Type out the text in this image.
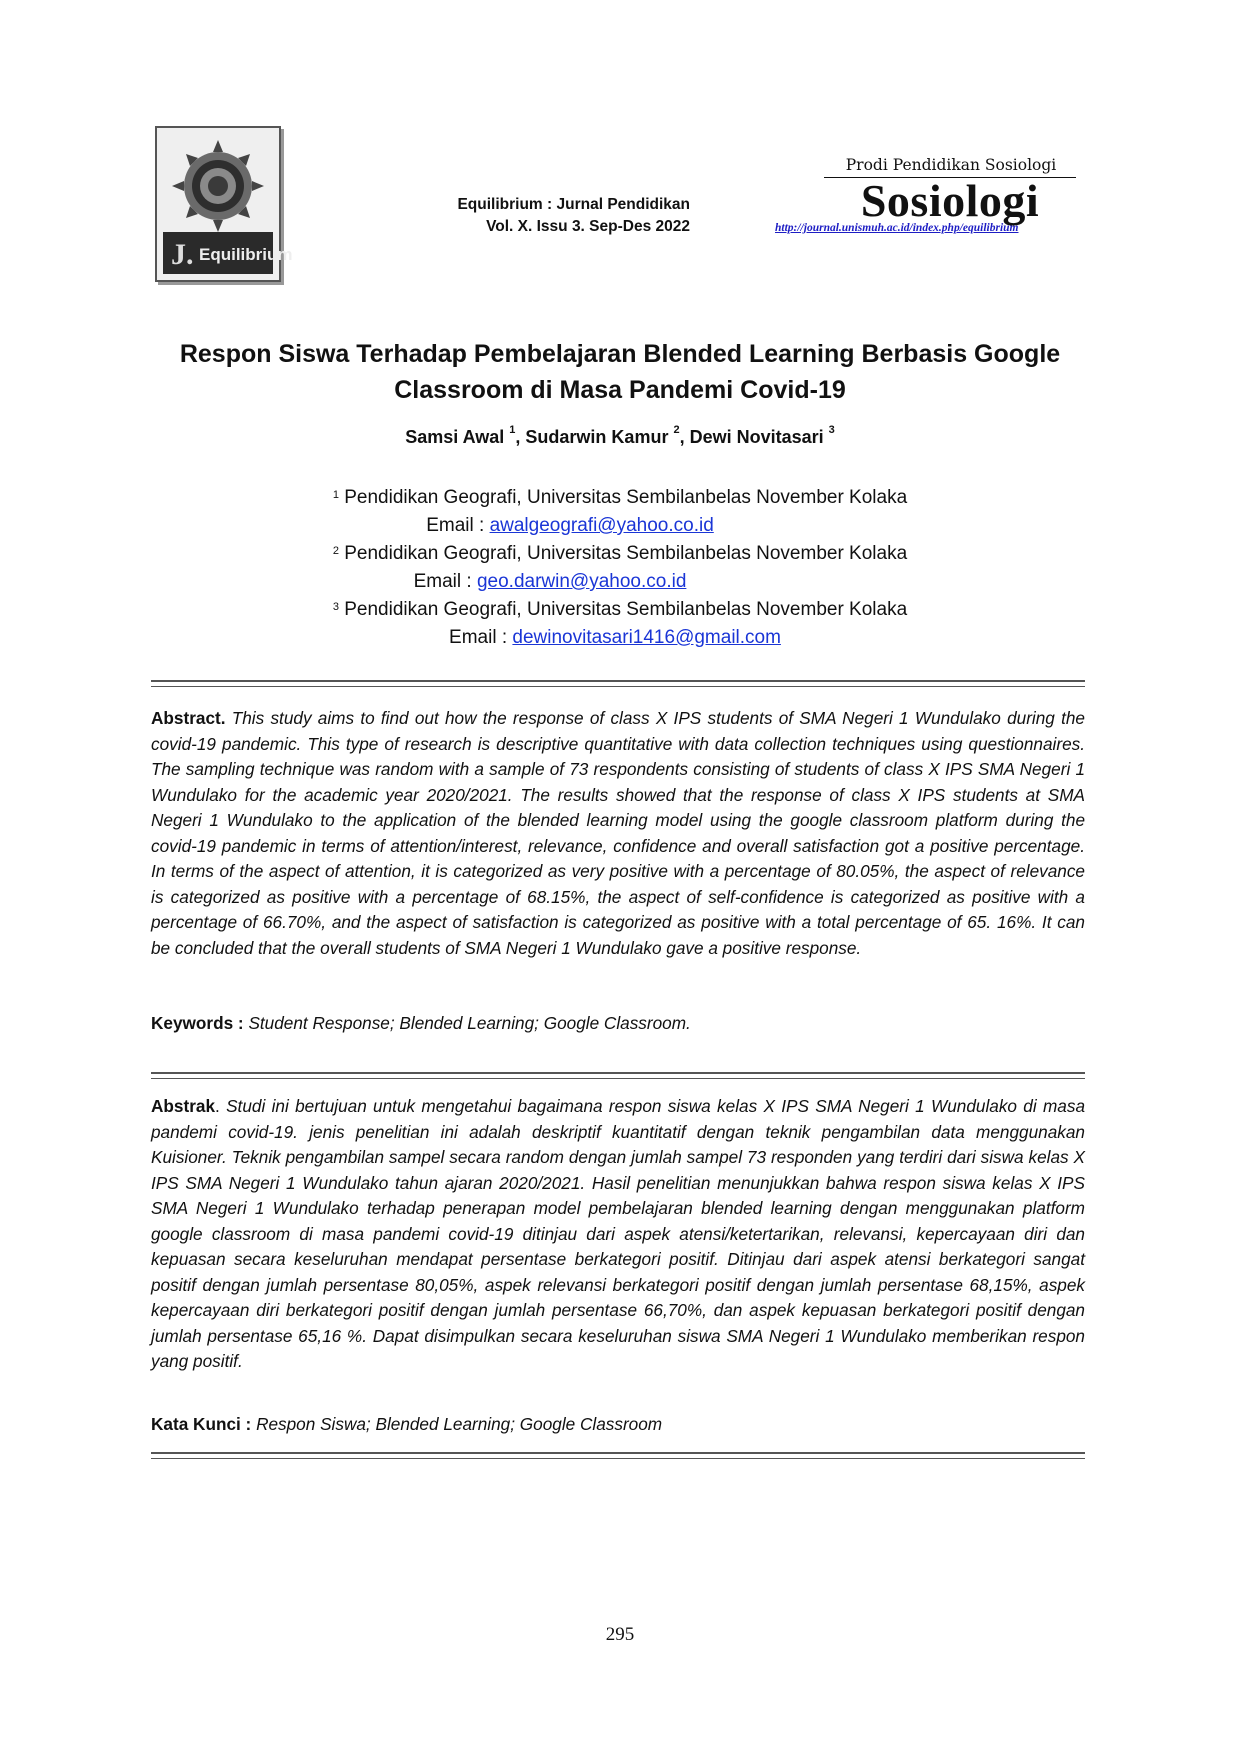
J. Equilibrium
Equilibrium : Jurnal Pendidikan
Vol. X. Issu 3. Sep-Des 2022
Prodi Pendidikan Sosiologi
Sosiologi
http://journal.unismuh.ac.id/index.php/equilibrium
Respon Siswa Terhadap Pembelajaran Blended Learning Berbasis Google
Classroom di Masa Pandemi Covid-19
Samsi Awal $^1$, Sudarwin Kamur $^2$, Dewi Novitasari $^3$

$^1$ Pendidikan Geografi, Universitas Sembilanbelas November Kolaka

Email : awalgeografi@yahoo.co.id

$^2$ Pendidikan Geografi, Universitas Sembilanbelas November Kolaka

Email : geo.darwin@yahoo.co.id

$^3$ Pendidikan Geografi, Universitas Sembilanbelas November Kolaka

Email : dewinovitasari1416@gmail.com

Abstract. This study aims to find out how the response of class X IPS students of SMA Negeri 1 Wundulako during the covid-19 pandemic. This type of research is descriptive quantitative with data collection techniques using questionnaires. The sampling technique was random with a sample of 73 respondents consisting of students of class X IPS SMA Negeri 1 Wundulako for the academic year 2020/2021. The results showed that the response of class X IPS students at SMA Negeri 1 Wundulako to the application of the blended learning model using the google classroom platform during the covid-19 pandemic in terms of attention/interest, relevance, confidence and overall satisfaction got a positive percentage. In terms of the aspect of attention, it is categorized as very positive with a percentage of 80.05%, the aspect of relevance is categorized as positive with a percentage of 68.15%, the aspect of self-confidence is categorized as positive with a percentage of 66.70%, and the aspect of satisfaction is categorized as positive with a total percentage of 65. 16%. It can be concluded that the overall students of SMA Negeri 1 Wundulako gave a positive response.
Keywords : Student Response; Blended Learning; Google Classroom.
Abstrak. Studi ini bertujuan untuk mengetahui bagaimana respon siswa kelas X IPS SMA Negeri 1 Wundulako di masa pandemi covid-19. jenis penelitian ini adalah deskriptif kuantitatif dengan teknik pengambilan data menggunakan Kuisioner. Teknik pengambilan sampel secara random dengan jumlah sampel 73 responden yang terdiri dari siswa kelas X IPS SMA Negeri 1 Wundulako tahun ajaran 2020/2021. Hasil penelitian menunjukkan bahwa respon siswa kelas X IPS SMA Negeri 1 Wundulako terhadap penerapan model pembelajaran blended learning dengan menggunakan platform google classroom di masa pandemi covid-19 ditinjau dari aspek atensi/ketertarikan, relevansi, kepercayaan diri dan kepuasan secara keseluruhan mendapat persentase berkategori positif. Ditinjau dari aspek atensi berkategori sangat positif dengan jumlah persentase 80,05%, aspek relevansi berkategori positif dengan jumlah persentase 68,15%, aspek kepercayaan diri berkategori positif dengan jumlah persentase 66,70%, dan aspek kepuasan berkategori positif dengan jumlah persentase 65,16 %. Dapat disimpulkan secara keseluruhan siswa SMA Negeri 1 Wundulako memberikan respon yang positif.
Kata Kunci : Respon Siswa; Blended Learning; Google Classroom
295
